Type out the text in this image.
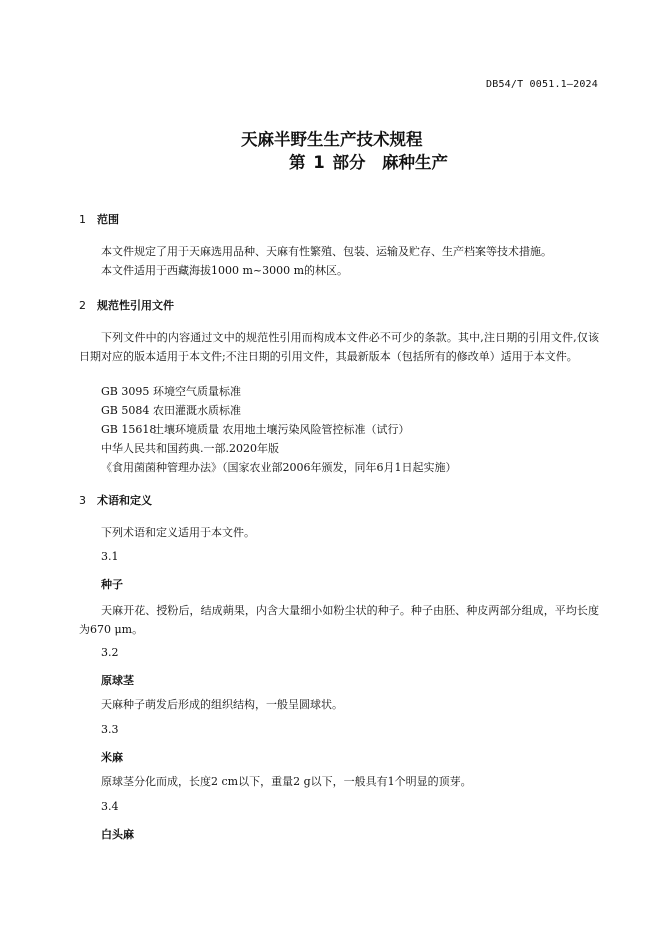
DB54/T 0051.1—2024
天麻半野生生产技术规程
第 1 部分　麻种生产
1 范围
本文件规定了用于天麻选用品种、天麻有性繁殖、包装、运输及贮存、生产档案等技术措施。
本文件适用于西藏海拔1000 m~3000 m的林区。
2 规范性引用文件
下列文件中的内容通过文中的规范性引用而构成本文件必不可少的条款。其中,注日期的引用文件,仅该日期对应的版本适用于本文件;不注日期的引用文件，其最新版本（包括所有的修改单）适用于本文件。
GB 3095 环境空气质量标准
GB 5084 农田灌溉水质标准
GB 15618土壤环境质量 农用地土壤污染风险管控标准（试行）
中华人民共和国药典.一部.2020年版
《食用菌菌种管理办法》（国家农业部2006年颁发，同年6月1日起实施）
3 术语和定义
下列术语和定义适用于本文件。
3.1
种子
天麻开花、授粉后，结成蒴果，内含大量细小如粉尘状的种子。种子由胚、种皮两部分组成，平均长度为670 μm。
3.2
原球茎
天麻种子萌发后形成的组织结构，一般呈圆球状。
3.3
米麻
原球茎分化而成，长度2 cm以下，重量2 g以下，一般具有1个明显的顶芽。
3.4
白头麻
